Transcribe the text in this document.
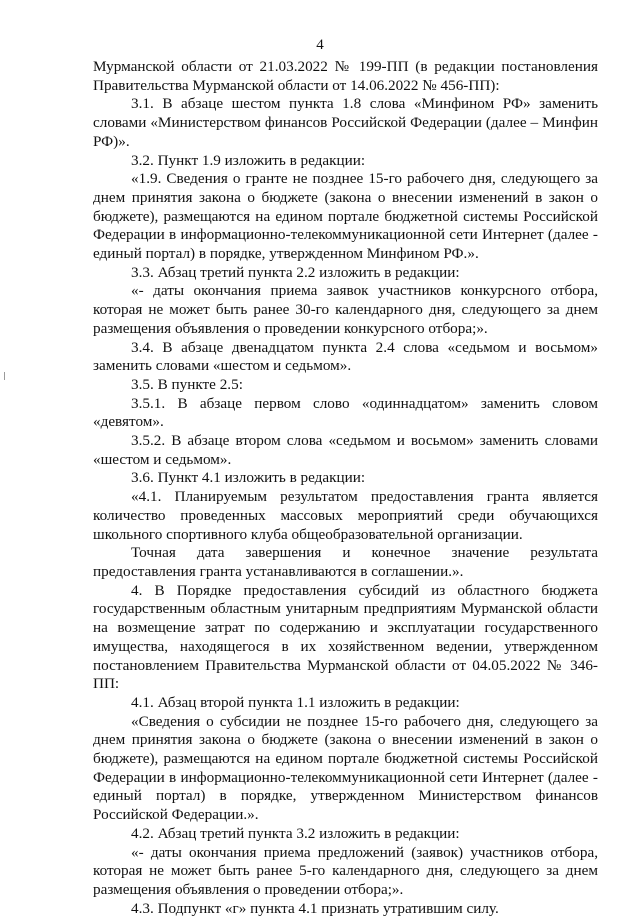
4

Мурманской области от 21.03.2022 № 199-ПП (в редакции постановления Правительства Мурманской области от 14.06.2022 № 456-ПП):

3.1. В абзаце шестом пункта 1.8 слова «Минфином РФ» заменить словами «Министерством финансов Российской Федерации (далее – Минфин РФ)».

3.2. Пункт 1.9 изложить в редакции:

«1.9. Сведения о гранте не позднее 15-го рабочего дня, следующего за днем принятия закона о бюджете (закона о внесении изменений в закон о бюджете), размещаются на едином портале бюджетной системы Российской Федерации в информационно-телекоммуникационной сети Интернет (далее - единый портал) в порядке, утвержденном Минфином РФ.».

3.3. Абзац третий пункта 2.2 изложить в редакции:

«- даты окончания приема заявок участников конкурсного отбора, которая не может быть ранее 30-го календарного дня, следующего за днем размещения объявления о проведении конкурсного отбора;».

3.4. В абзаце двенадцатом пункта 2.4 слова «седьмом и восьмом» заменить словами «шестом и седьмом».

3.5. В пункте 2.5:

3.5.1. В абзаце первом слово «одиннадцатом» заменить словом «девятом».

3.5.2. В абзаце втором слова «седьмом и восьмом» заменить словами «шестом и седьмом».

3.6. Пункт 4.1 изложить в редакции:

«4.1. Планируемым результатом предоставления гранта является количество проведенных массовых мероприятий среди обучающихся школьного спортивного клуба общеобразовательной организации.

Точная дата завершения и конечное значение результата предоставления гранта устанавливаются в соглашении.».

4. В Порядке предоставления субсидий из областного бюджета государственным областным унитарным предприятиям Мурманской области на возмещение затрат по содержанию и эксплуатации государственного имущества, находящегося в их хозяйственном ведении, утвержденном постановлением Правительства Мурманской области от 04.05.2022 № 346-ПП:

4.1. Абзац второй пункта 1.1 изложить в редакции:

«Сведения о субсидии не позднее 15-го рабочего дня, следующего за днем принятия закона о бюджете (закона о внесении изменений в закон о бюджете), размещаются на едином портале бюджетной системы Российской Федерации в информационно-телекоммуникационной сети Интернет (далее - единый портал) в порядке, утвержденном Министерством финансов Российской Федерации.».

4.2. Абзац третий пункта 3.2 изложить в редакции:

«- даты окончания приема предложений (заявок) участников отбора, которая не может быть ранее 5-го календарного дня, следующего за днем размещения объявления о проведении отбора;».

4.3. Подпункт «г» пункта 4.1 признать утратившим силу.
